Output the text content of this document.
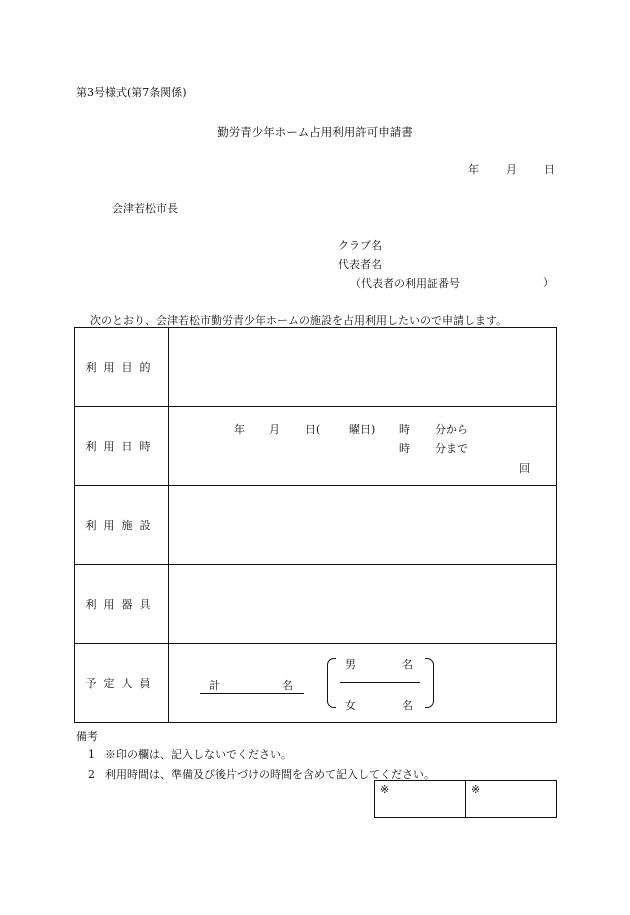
第3号様式(第7条関係)
勤労青少年ホーム占用利用許可申請書
年 月 日
会津若松市長
クラブ名
代表者名
（代表者の利用証番号	）
次のとおり、会津若松市勤労青少年ホームの施設を占用利用したいので申請します。
利用目的
利用日時
年 月 日(	曜日) 時 分から
時 分まで
回
利用施設
利用器具
予定人員	計	名
男	名
女	名
備考
1 ※印の欄は、記入しないでください。
2 利用時間は、準備及び後片づけの時間を含めて記入してください。
※	※
